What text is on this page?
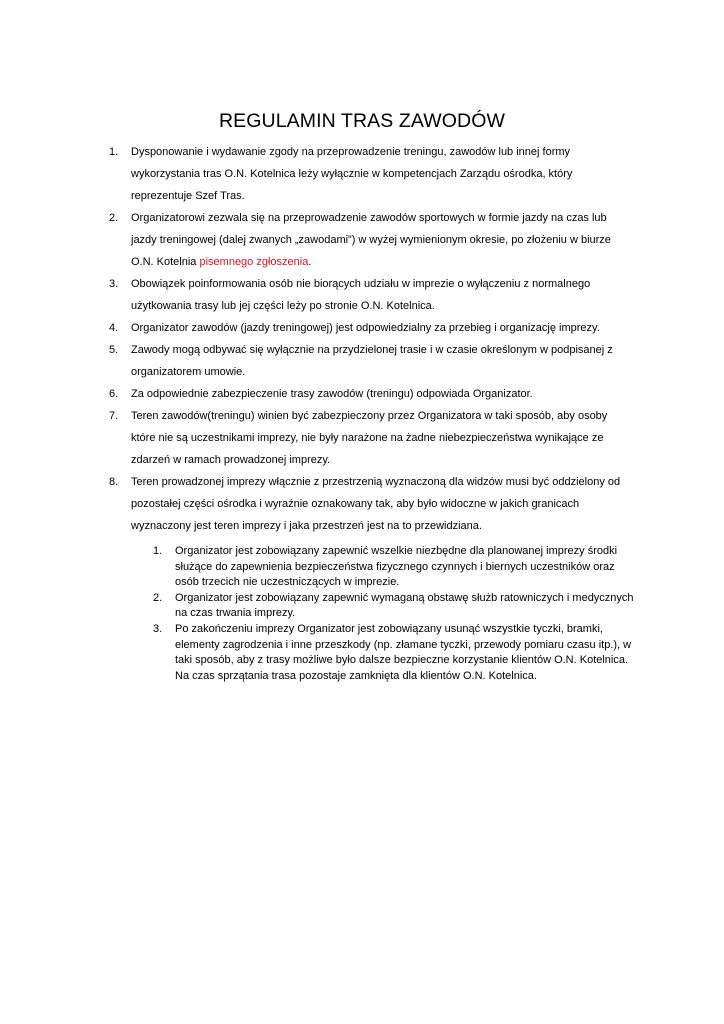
REGULAMIN TRAS ZAWODÓW
1. Dysponowanie i wydawanie zgody na przeprowadzenie treningu, zawodów lub innej formy wykorzystania tras O.N. Kotelnica leży wyłącznie w kompetencjach Zarządu ośrodka, który reprezentuje Szef Tras.
2. Organizatorowi zezwala się na przeprowadzenie zawodów sportowych w formie jazdy na czas lub jazdy treningowej (dalej zwanych „zawodami”) w wyżej wymienionym okresie, po złożeniu w biurze O.N. Kotelnia pisemnego zgłoszenia.
3. Obowiązek poinformowania osób nie biorących udziału w imprezie o wyłączeniu z normalnego użytkowania trasy lub jej części leży po stronie O.N. Kotelnica.
4. Organizator zawodów (jazdy treningowej) jest odpowiedzialny za przebieg i organizację imprezy.
5. Zawody mogą odbywać się wyłącznie na przydzielonej trasie i w czasie określonym w podpisanej z organizatorem umowie.
6. Za odpowiednie zabezpieczenie trasy zawodów (treningu) odpowiada Organizator.
7. Teren zawodów(treningu) winien być zabezpieczony przez Organizatora w taki sposób, aby osoby które nie są uczestnikami imprezy, nie były narażone na żadne niebezpieczeństwa wynikające ze zdarzeń w ramach prowadzonej imprezy.
8. Teren prowadzonej imprezy włącznie z przestrzenią wyznaczoną dla widzów musi być oddzielony od pozostałej części ośrodka i wyraźnie oznakowany tak, aby było widoczne w jakich granicach wyznaczony jest teren imprezy i jaka przestrzeń jest na to przewidziana.
1. Organizator jest zobowiązany zapewnić wszelkie niezbędne dla planowanej imprezy środki służące do zapewnienia bezpieczeństwa fizycznego czynnych i biernych uczestników oraz osób trzecich nie uczestniczących w imprezie.
2. Organizator jest zobowiązany zapewnić wymaganą obstawę służb ratowniczych i medycznych na czas trwania imprezy.
3. Po zakończeniu imprezy Organizator jest zobowiązany usunąć wszystkie tyczki, bramki, elementy zagrodzenia i inne przeszkody (np. złamane tyczki, przewody pomiaru czasu itp.), w taki sposób, aby z trasy możliwe było dalsze bezpieczne korzystanie klientów O.N. Kotelnica. Na czas sprzątania trasa pozostaje zamknięta dla klientów O.N. Kotelnica.
